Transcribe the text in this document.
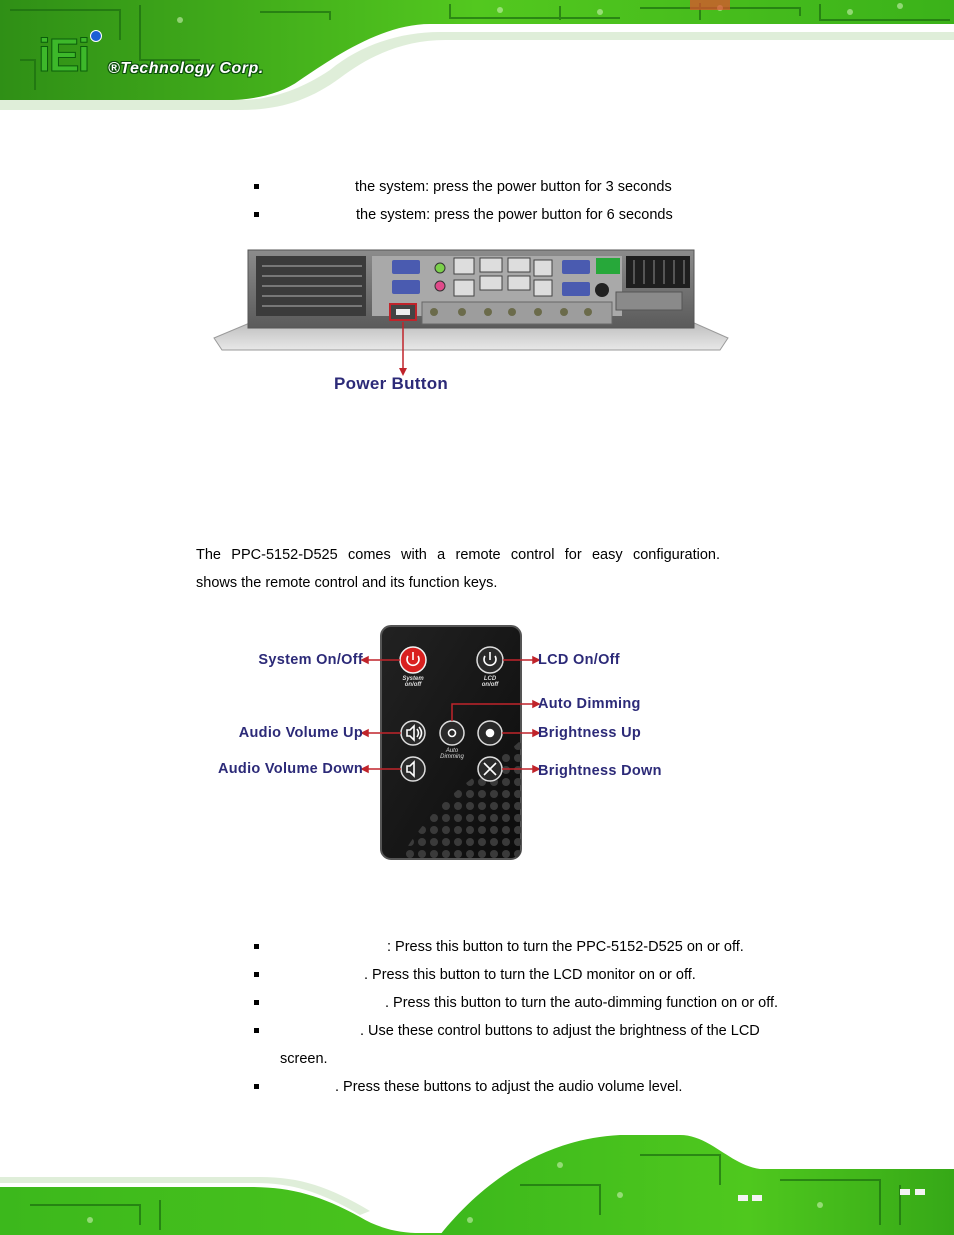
iEi ®Technology Corp.
the system: press the power button for 3 seconds
the system: press the power button for 6 seconds
Power Button
The PPC-5152-D525 comes with a remote control for easy configuration.
shows the remote control and its function keys.
System on/off
LCD on/off
Auto Dimming
System On/Off	LCD On/Off
Auto Dimming
Audio Volume Up	Brightness Up
Audio Volume Down	Brightness Down
: Press this button to turn the PPC-5152-D525 on or off.
. Press this button to turn the LCD monitor on or off.
. Press this button to turn the auto-dimming function on or off.
. Use these control buttons to adjust the brightness of the LCD
screen.
. Press these buttons to adjust the audio volume level.
